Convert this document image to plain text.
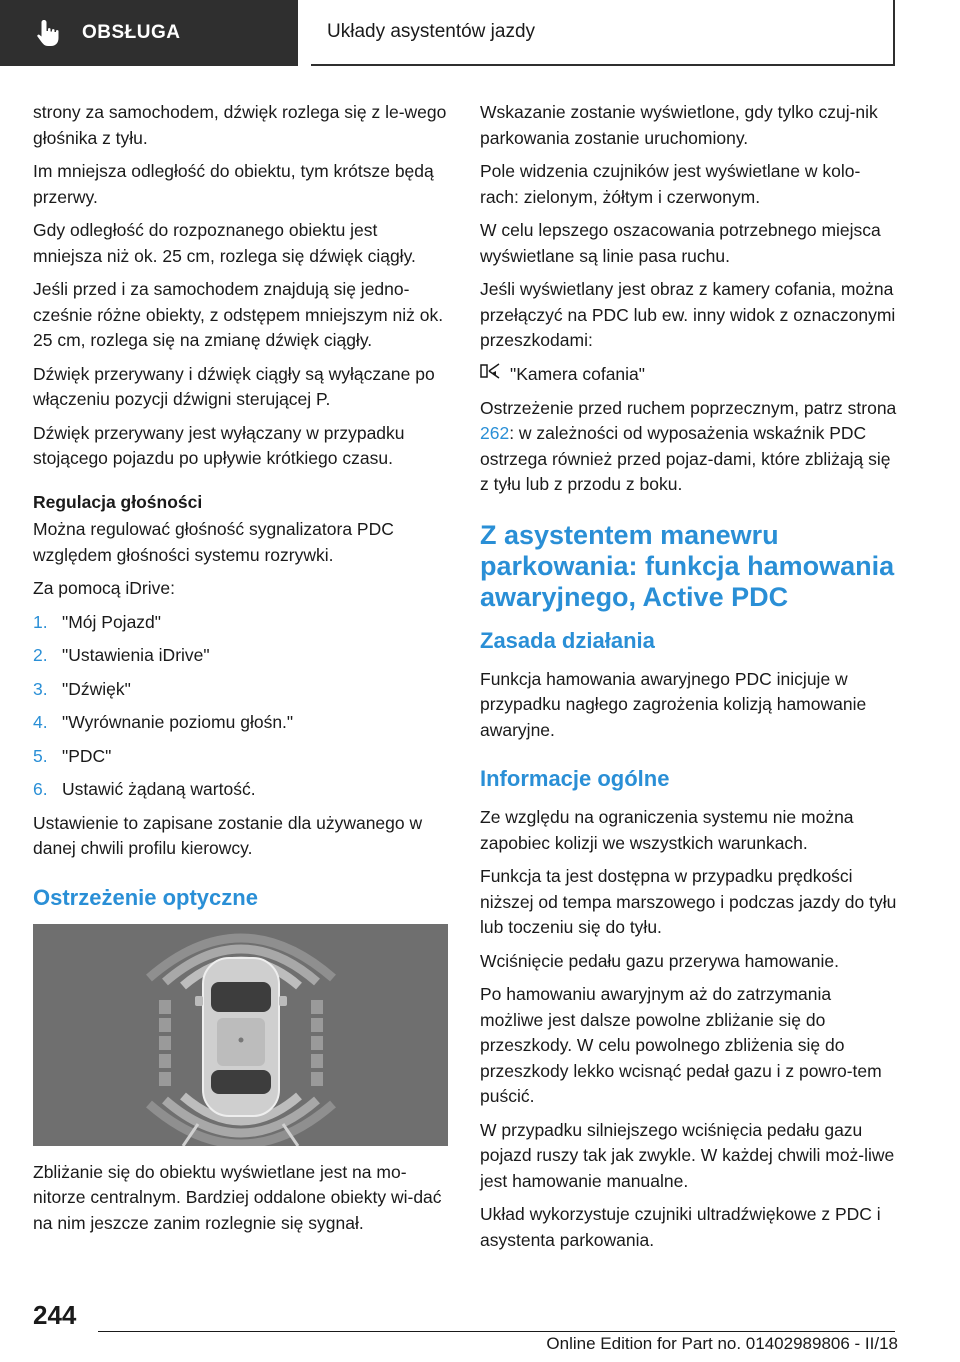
OBSŁUGA	Układy asystentów jazdy

strony za samochodem, dźwięk rozlega się z le-wego głośnika z tyłu.

Im mniejsza odległość do obiektu, tym krótsze będą przerwy.

Gdy odległość do rozpoznanego obiektu jest mniejsza niż ok. 25 cm, rozlega się dźwięk ciągły.

Jeśli przed i za samochodem znajdują się jedno-cześnie różne obiekty, z odstępem mniejszym niż ok. 25 cm, rozlega się na zmianę dźwięk ciągły.

Dźwięk przerywany i dźwięk ciągły są wyłączane po włączeniu pozycji dźwigni sterującej P.

Dźwięk przerywany jest wyłączany w przypadku stojącego pojazdu po upływie krótkiego czasu.

Regulacja głośności

Można regulować głośność sygnalizatora PDC względem głośności systemu rozrywki.

Za pomocą iDrive:

1. "Mój Pojazd"
2. "Ustawienia iDrive"
3. "Dźwięk"
4. "Wyrównanie poziomu głośn."
5. "PDC"
6. Ustawić żądaną wartość.

Ustawienie to zapisane zostanie dla używanego w danej chwili profilu kierowcy.

Ostrzeżenie optyczne

Zbliżanie się do obiektu wyświetlane jest na mo-nitorze centralnym. Bardziej oddalone obiekty wi-dać na nim jeszcze zanim rozlegnie się sygnał.

Wskazanie zostanie wyświetlone, gdy tylko czuj-nik parkowania zostanie uruchomiony.

Pole widzenia czujników jest wyświetlane w kolo-rach: zielonym, żółtym i czerwonym.

W celu lepszego oszacowania potrzebnego miejsca wyświetlane są linie pasa ruchu.

Jeśli wyświetlany jest obraz z kamery cofania, można przełączyć na PDC lub ew. inny widok z oznaczonymi przeszkodami:

"Kamera cofania"

Ostrzeżenie przed ruchem poprzecznym, patrz strona 262: w zależności od wyposażenia wskaźnik PDC ostrzega również przed pojaz-dami, które zbliżają się z tyłu lub z przodu z boku.

Z asystentem manewru parkowania: funkcja hamowania awaryjnego, Active PDC

Zasada działania

Funkcja hamowania awaryjnego PDC inicjuje w przypadku nagłego zagrożenia kolizją hamowanie awaryjne.

Informacje ogólne

Ze względu na ograniczenia systemu nie można zapobiec kolizji we wszystkich warunkach.

Funkcja ta jest dostępna w przypadku prędkości niższej od tempa marszowego i podczas jazdy do tyłu lub toczeniu się do tyłu.

Wciśnięcie pedału gazu przerywa hamowanie.

Po hamowaniu awaryjnym aż do zatrzymania możliwe jest dalsze powolne zbliżanie się do przeszkody. W celu powolnego zbliżenia się do przeszkody lekko wcisnąć pedał gazu i z powro-tem puścić.

W przypadku silniejszego wciśnięcia pedału gazu pojazd ruszy tak jak zwykle. W każdej chwili moż-liwe jest hamowanie manualne.

Układ wykorzystuje czujniki ultradźwiękowe z PDC i asystenta parkowania.

244
Online Edition for Part no. 01402989806 - II/18
